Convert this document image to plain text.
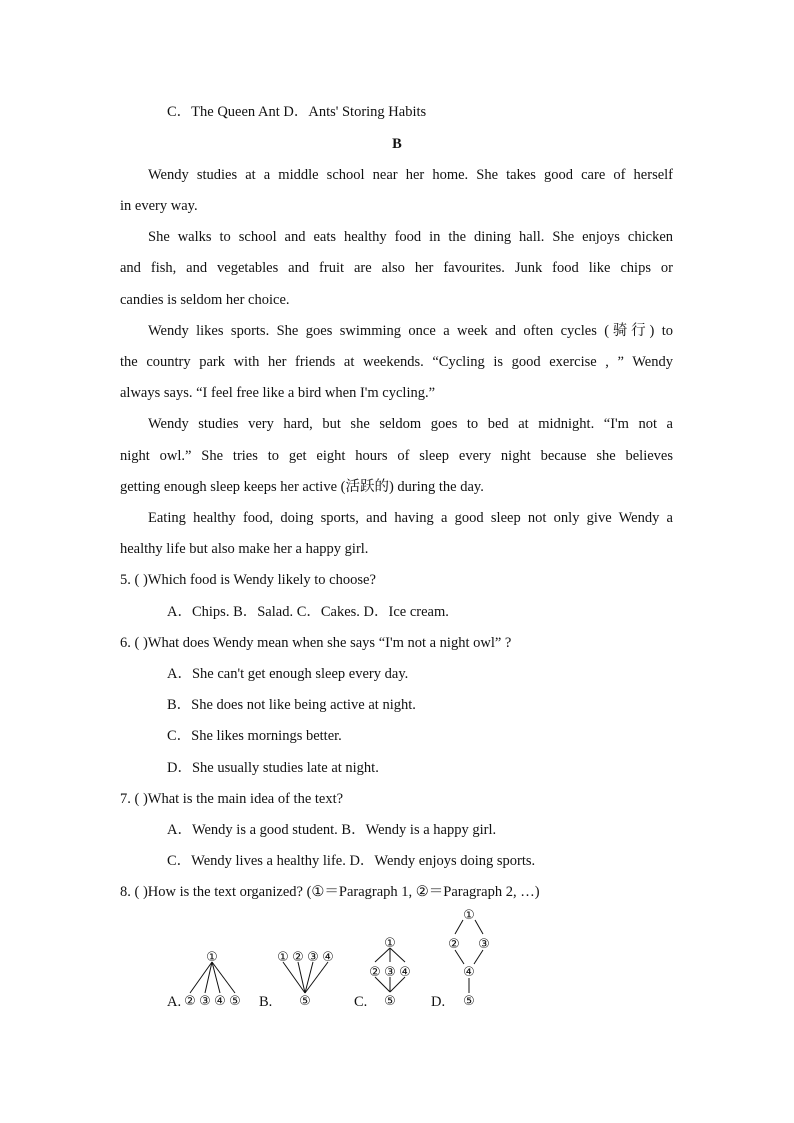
C．The Queen Ant D．Ants' Storing Habits
B
Wendy studies at a middle school near her home. She takes good care of herself
in every way.
She walks to school and eats healthy food in the dining hall. She enjoys chicken
and fish, and vegetables and fruit are also her favourites. Junk food like chips or
candies is seldom her choice.
Wendy likes sports. She goes swimming once a week and often cycles (骑行) to
the country park with her friends at weekends. “Cycling is good exercise , ” Wendy
always says. “I feel free like a bird when I'm cycling.”
Wendy studies very hard, but she seldom goes to bed at midnight. “I'm not a
night owl.” She tries to get eight hours of sleep every night because she believes
getting enough sleep keeps her active (活跃的) during the day.
Eating healthy food, doing sports, and having a good sleep not only give Wendy a
healthy life but also make her a happy girl.
5. ( )Which food is Wendy likely to choose?
A．Chips. B．Salad. C．Cakes. D．Ice cream.
6. ( )What does Wendy mean when she says “I'm not a night owl” ?
A．She can't get enough sleep every day.
B．She does not like being active at night.
C．She likes mornings better.
D．She usually studies late at night.
7. ( )What is the main idea of the text?
A．Wendy is a good student. B．Wendy is a happy girl.
C．Wendy lives a healthy life. D．Wendy enjoys doing sports.
8. ( )How is the text organized? (①＝Paragraph 1, ②＝Paragraph 2, …)
A.	B.	C.	D.
①
② ③ ④ ⑤
① ② ③ ④
⑤
①
② ③ ④
⑤
①
② ③
④
⑤
